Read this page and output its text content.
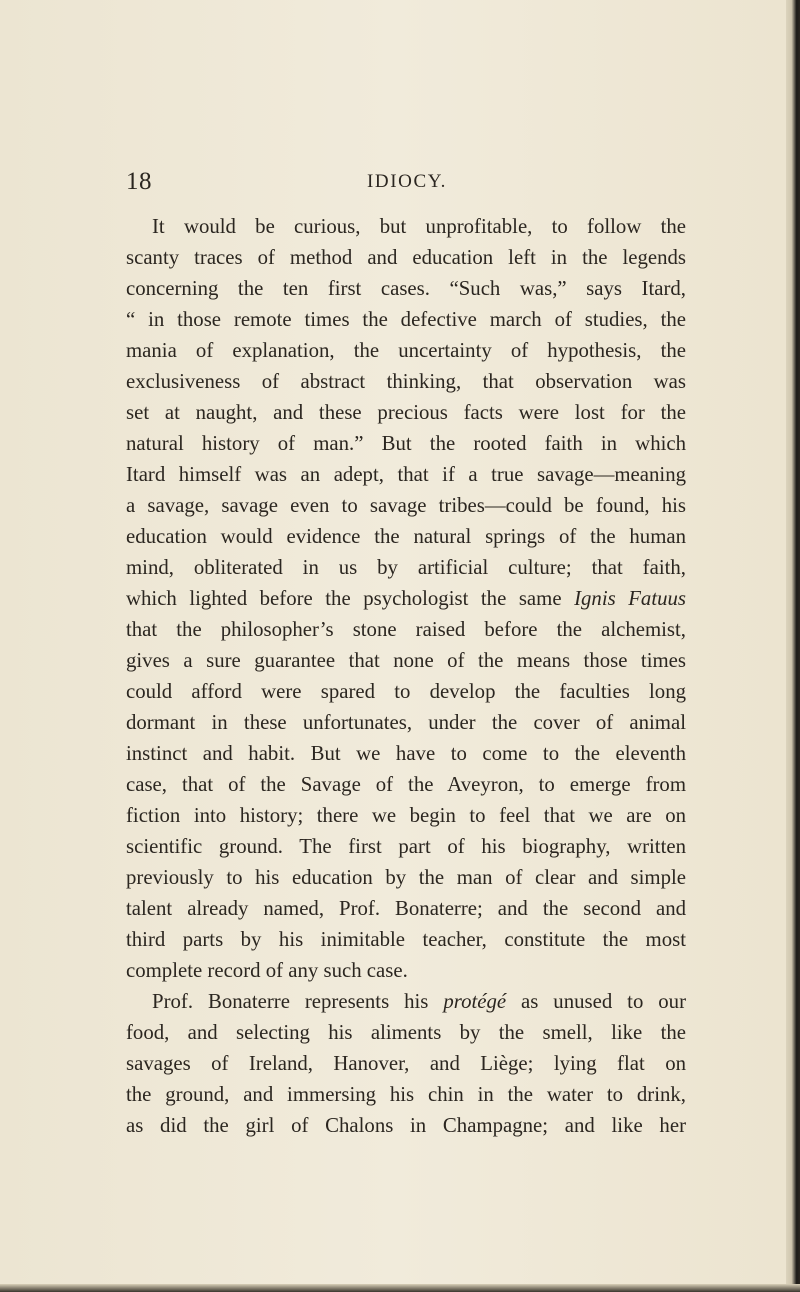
18	IDIOCY.

It would be curious, but unprofitable, to follow the
scanty traces of method and education left in the legends
concerning the ten first cases. “Such was,” says Itard,
“ in those remote times the defective march of studies, the
mania of explanation, the uncertainty of hypothesis, the
exclusiveness of abstract thinking, that observation was
set at naught, and these precious facts were lost for the
natural history of man.” But the rooted faith in which
Itard himself was an adept, that if a true savage—meaning
a savage, savage even to savage tribes—could be found, his
education would evidence the natural springs of the human
mind, obliterated in us by artificial culture; that faith,
which lighted before the psychologist the same Ignis Fatuus
that the philosopher’s stone raised before the alchemist,
gives a sure guarantee that none of the means those times
could afford were spared to develop the faculties long
dormant in these unfortunates, under the cover of animal
instinct and habit. But we have to come to the eleventh
case, that of the Savage of the Aveyron, to emerge from
fiction into history; there we begin to feel that we are on
scientific ground. The first part of his biography, written
previously to his education by the man of clear and simple
talent already named, Prof. Bonaterre; and the second and
third parts by his inimitable teacher, constitute the most
complete record of any such case.

Prof. Bonaterre represents his protégé as unused to our
food, and selecting his aliments by the smell, like the
savages of Ireland, Hanover, and Liège; lying flat on
the ground, and immersing his chin in the water to drink,
as did the girl of Chalons in Champagne; and like her
